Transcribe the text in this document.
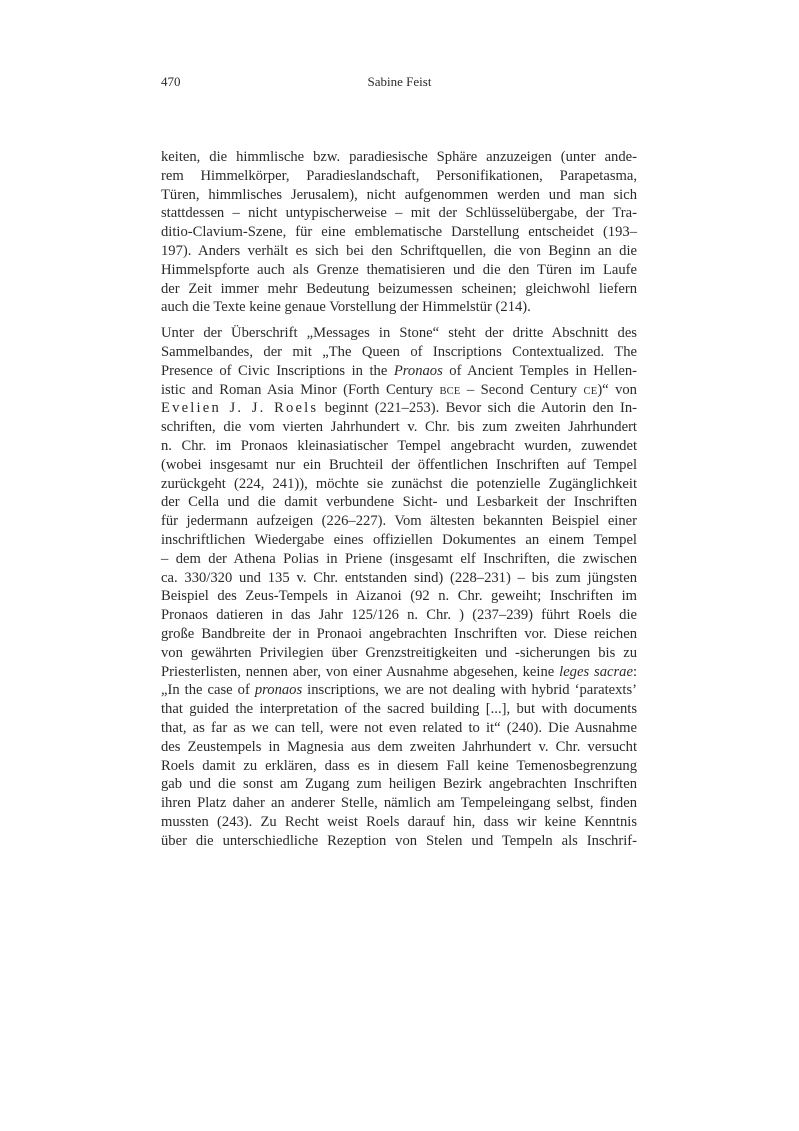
470	Sabine Feist

keiten, die himmlische bzw. paradiesische Sphäre anzuzeigen (unter ande-
rem Himmelkörper, Paradieslandschaft, Personifikationen, Parapetasma,
Türen, himmlisches Jerusalem), nicht aufgenommen werden und man sich
stattdessen – nicht untypischerweise – mit der Schlüsselübergabe, der Tra-
ditio-Clavium-Szene, für eine emblematische Darstellung entscheidet (193–
197). Anders verhält es sich bei den Schriftquellen, die von Beginn an die
Himmelspforte auch als Grenze thematisieren und die den Türen im Laufe
der Zeit immer mehr Bedeutung beizumessen scheinen; gleichwohl liefern
auch die Texte keine genaue Vorstellung der Himmelstür (214).

Unter der Überschrift „Messages in Stone“ steht der dritte Abschnitt des
Sammelbandes, der mit „The Queen of Inscriptions Contextualized. The
Presence of Civic Inscriptions in the Pronaos of Ancient Temples in Hellen-
istic and Roman Asia Minor (Forth Century BCE – Second Century CE)“ von
Evelien J. J. Roels beginnt (221–253). Bevor sich die Autorin den In-
schriften, die vom vierten Jahrhundert v. Chr. bis zum zweiten Jahrhundert
n. Chr. im Pronaos kleinasiatischer Tempel angebracht wurden, zuwendet
(wobei insgesamt nur ein Bruchteil der öffentlichen Inschriften auf Tempel
zurückgeht (224, 241)), möchte sie zunächst die potenzielle Zugänglichkeit
der Cella und die damit verbundene Sicht- und Lesbarkeit der Inschriften
für jedermann aufzeigen (226–227). Vom ältesten bekannten Beispiel einer
inschriftlichen Wiedergabe eines offiziellen Dokumentes an einem Tempel
– dem der Athena Polias in Priene (insgesamt elf Inschriften, die zwischen
ca. 330/320 und 135 v. Chr. entstanden sind) (228–231) – bis zum jüngsten
Beispiel des Zeus-Tempels in Aizanoi (92 n. Chr. geweiht; Inschriften im
Pronaos datieren in das Jahr 125/126 n. Chr. ) (237–239) führt Roels die
große Bandbreite der in Pronaoi angebrachten Inschriften vor. Diese reichen
von gewährten Privilegien über Grenzstreitigkeiten und -sicherungen bis zu
Priesterlisten, nennen aber, von einer Ausnahme abgesehen, keine leges sacrae:
„In the case of pronaos inscriptions, we are not dealing with hybrid ‘paratexts’
that guided the interpretation of the sacred building [...], but with documents
that, as far as we can tell, were not even related to it“ (240). Die Ausnahme
des Zeustempels in Magnesia aus dem zweiten Jahrhundert v. Chr. versucht
Roels damit zu erklären, dass es in diesem Fall keine Temenosbegrenzung
gab und die sonst am Zugang zum heiligen Bezirk angebrachten Inschriften
ihren Platz daher an anderer Stelle, nämlich am Tempeleingang selbst, finden
mussten (243). Zu Recht weist Roels darauf hin, dass wir keine Kenntnis
über die unterschiedliche Rezeption von Stelen und Tempeln als Inschrif-
